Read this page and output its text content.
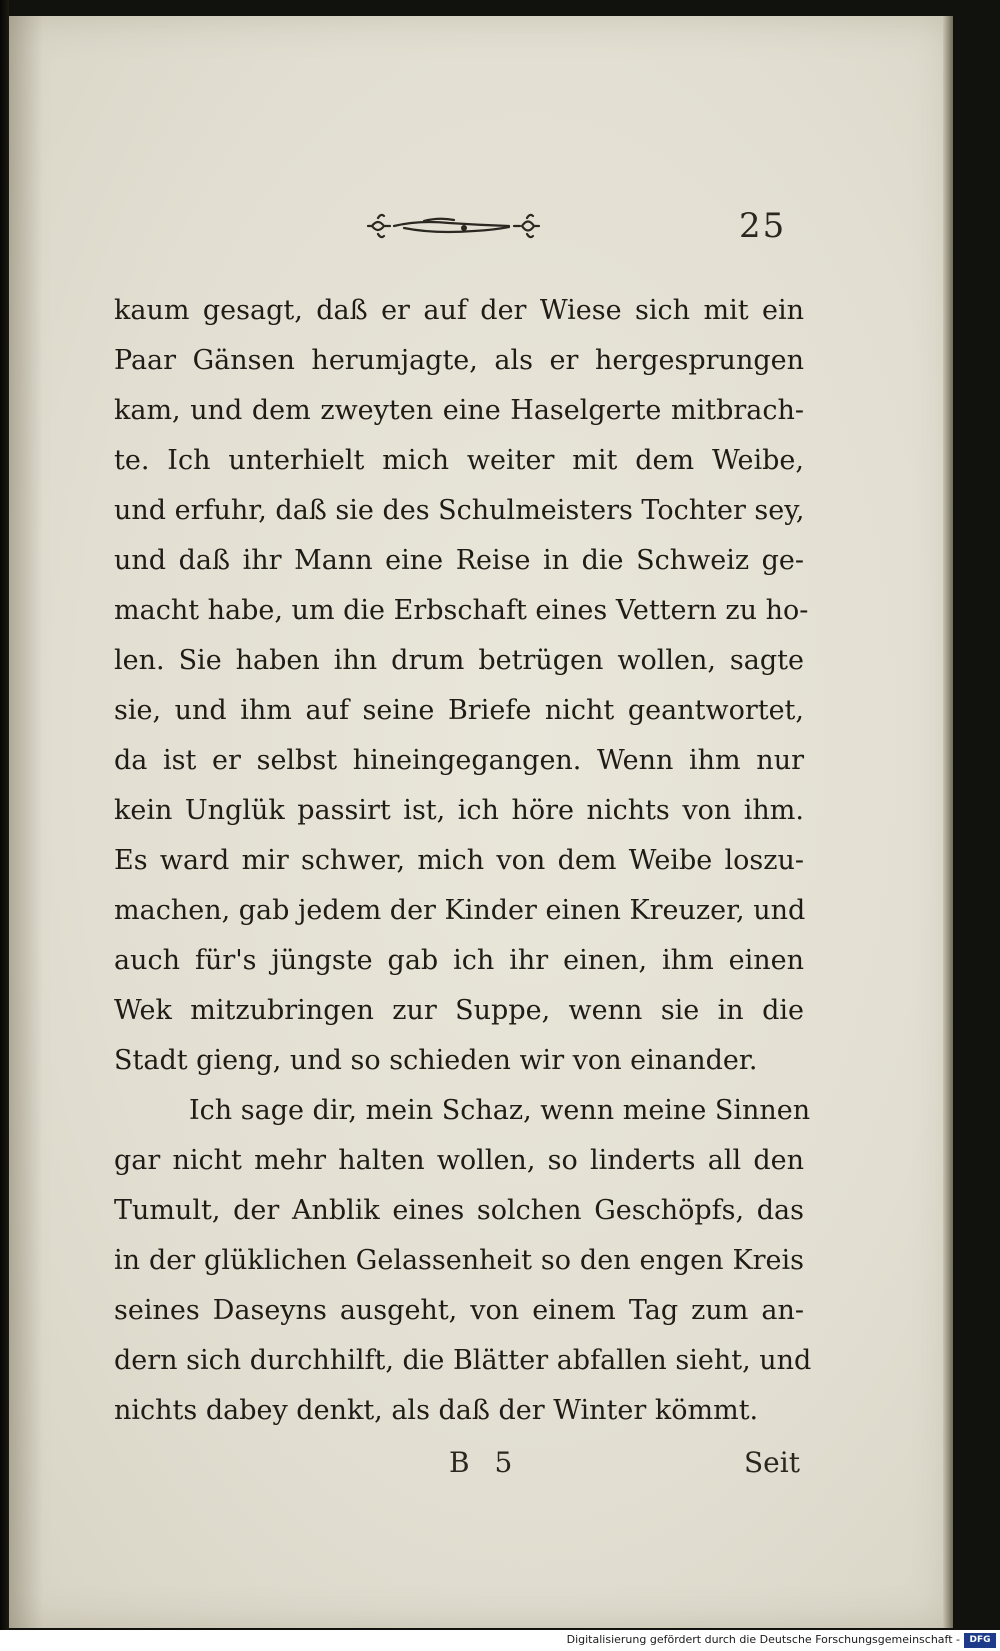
25
kaum gesagt, daß er auf der Wiese sich mit ein
Paar Gänsen herumjagte, als er hergesprungen
kam, und dem zweyten eine Haselgerte mitbrach-
te. Ich unterhielt mich weiter mit dem Weibe,
und erfuhr, daß sie des Schulmeisters Tochter sey,
und daß ihr Mann eine Reise in die Schweiz ge-
macht habe, um die Erbschaft eines Vettern zu ho-
len. Sie haben ihn drum betrügen wollen, sagte
sie, und ihm auf seine Briefe nicht geantwortet,
da ist er selbst hineingegangen. Wenn ihm nur
kein Unglük passirt ist, ich höre nichts von ihm.
Es ward mir schwer, mich von dem Weibe loszu-
machen, gab jedem der Kinder einen Kreuzer, und
auch für's jüngste gab ich ihr einen, ihm einen
Wek mitzubringen zur Suppe, wenn sie in die
Stadt gieng, und so schieden wir von einander.
Ich sage dir, mein Schaz, wenn meine Sinnen
gar nicht mehr halten wollen, so linderts all den
Tumult, der Anblik eines solchen Geschöpfs, das
in der glüklichen Gelassenheit so den engen Kreis
seines Daseyns ausgeht, von einem Tag zum an-
dern sich durchhilft, die Blätter abfallen sieht, und
nichts dabey denkt, als daß der Winter kömmt.
B 5	Seit
Digitalisierung gefördert durch die Deutsche Forschungsgemeinschaft -	DFG
